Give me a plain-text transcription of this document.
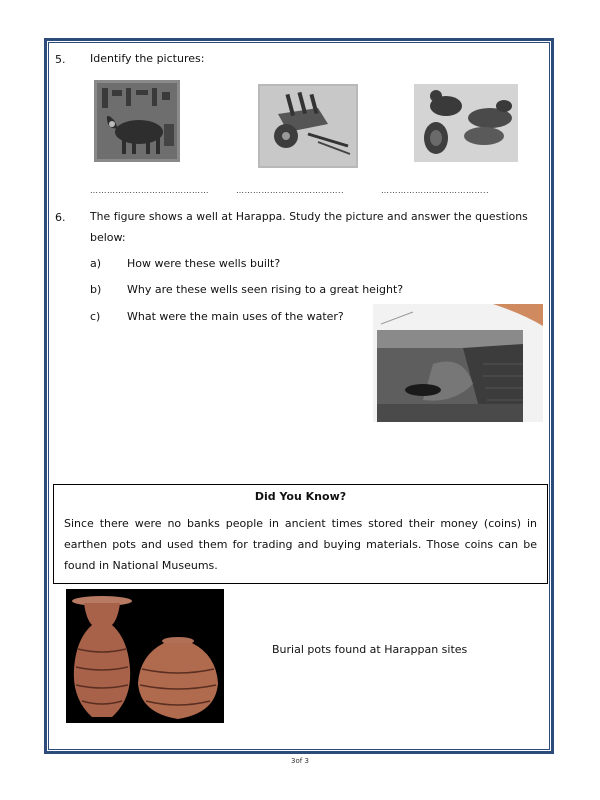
5. Identify the pictures:
……………………………………	………………………………..	………………………………..
6. The figure shows a well at Harappa. Study the picture and answer the questions
below:
a) How were these wells built?
b) Why are these wells seen rising to a great height?
c) What were the main uses of the water?
Did You Know?
Since there were no banks people in ancient times stored their money (coins) in earthen pots and used them for trading and buying materials. Those coins can be found in National Museums.
Burial pots found at Harappan sites
3of 3
